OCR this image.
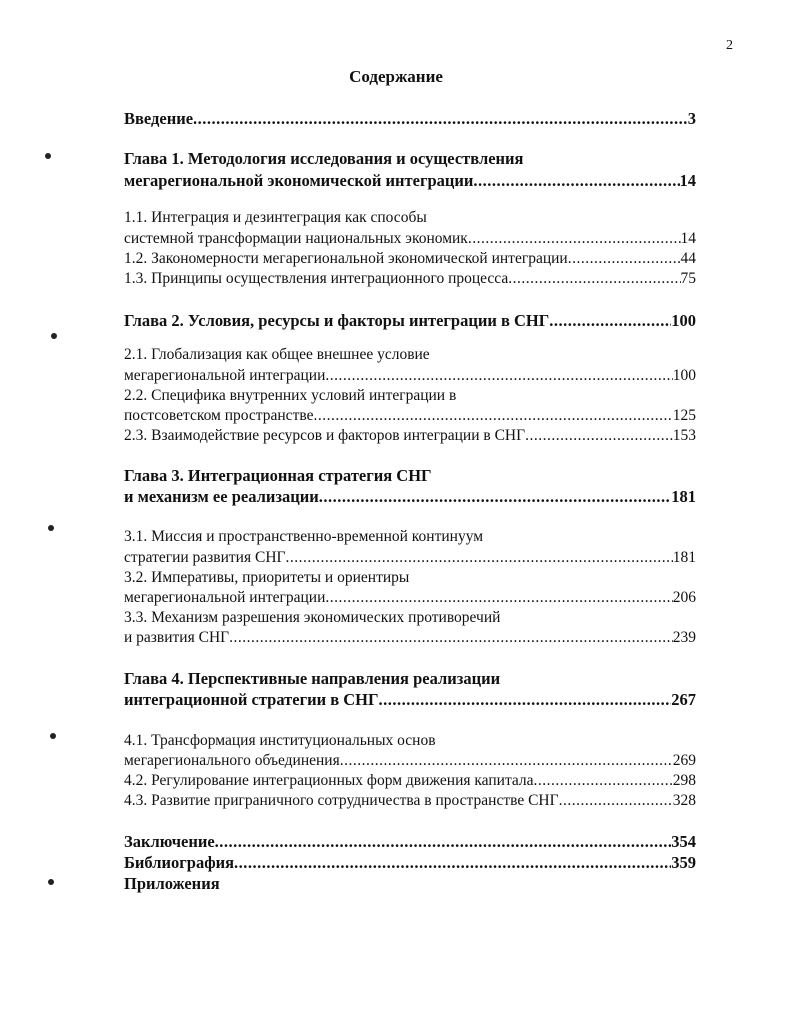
2
Содержание
Введение .....	3
Глава 1. Методология исследования и осуществления
мегарегиональной экономической интеграции .....	14
1.1. Интеграция и дезинтеграция как способы
системной трансформации национальных экономик .....	14
1.2. Закономерности мегарегиональной экономической интеграции .....	44
1.3. Принципы осуществления интеграционного процесса .....	75
Глава 2. Условия, ресурсы и факторы интеграции в СНГ .....	100
2.1. Глобализация как общее внешнее условие
мегарегиональной интеграции .....	100
2.2. Специфика внутренних условий интеграции в
постсоветском пространстве .....	125
2.3. Взаимодействие ресурсов и факторов интеграции в СНГ .....	153
Глава 3. Интеграционная стратегия СНГ
и механизм ее реализации .....	181
3.1. Миссия и пространственно-временной континуум
стратегии развития СНГ .....	181
3.2. Императивы, приоритеты и ориентиры
мегарегиональной интеграции .....	206
3.3. Механизм разрешения экономических противоречий
и развития СНГ .....	239
Глава 4. Перспективные направления реализации
интеграционной стратегии в СНГ .....	267
4.1. Трансформация институциональных основ
мегарегионального объединения .....	269
4.2. Регулирование интеграционных форм движения капитала .....	298
4.3. Развитие приграничного сотрудничества в пространстве СНГ .....	328
Заключение .....	354
Библиография .....	359
Приложения
